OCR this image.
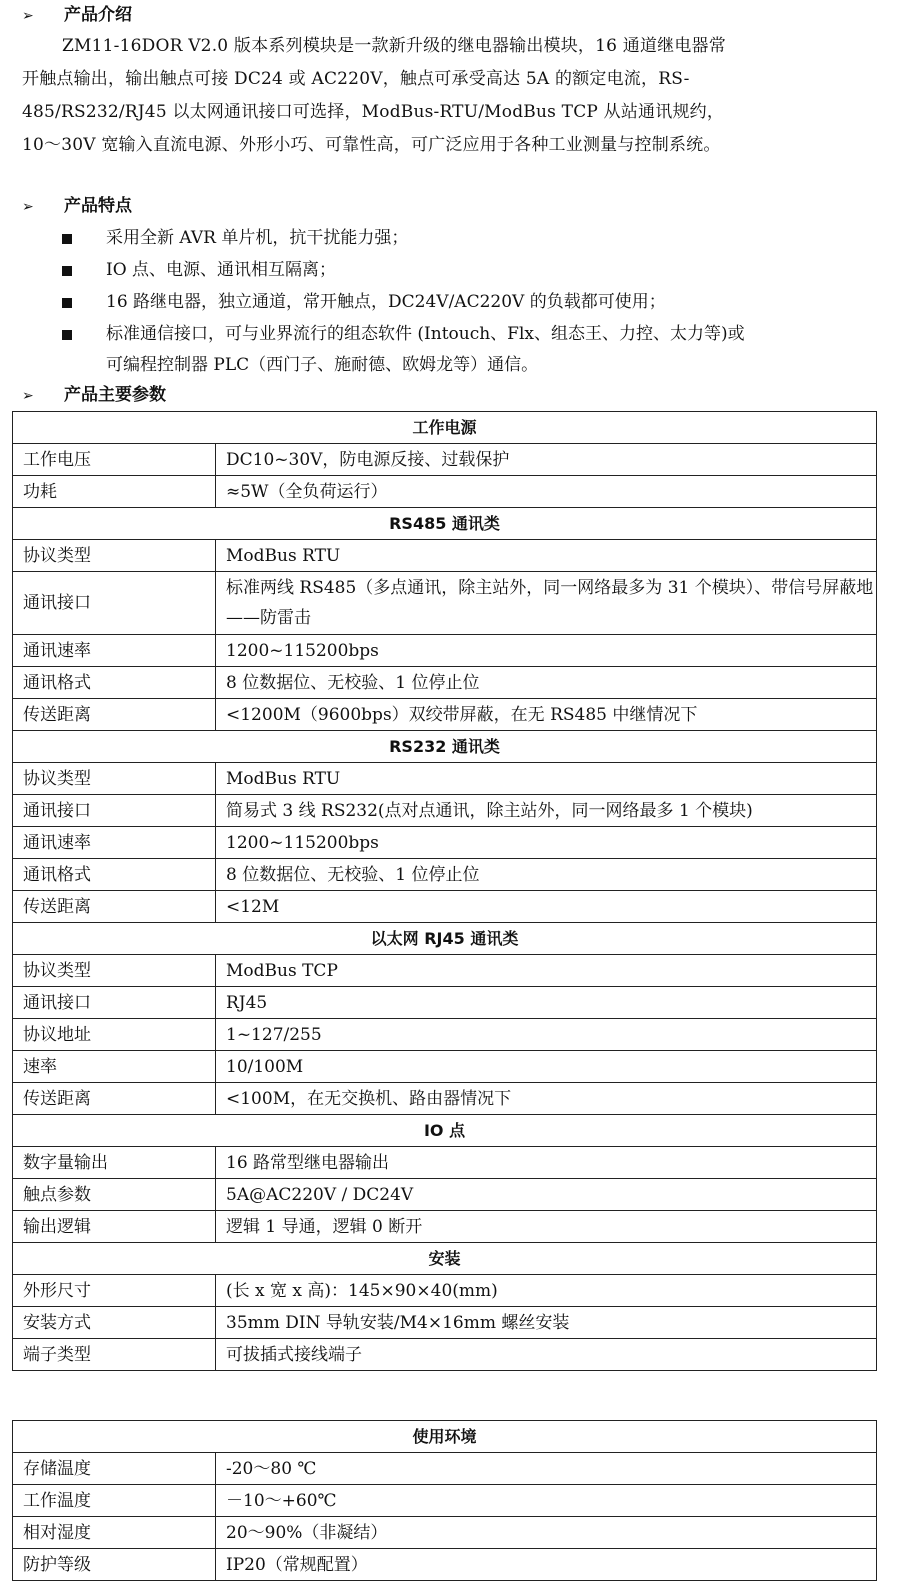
➢ 产品介绍
ZM11-16DOR V2.0 版本系列模块是一款新升级的继电器输出模块，16 通道继电器常
开触点输出，输出触点可接 DC24 或 AC220V，触点可承受高达 5A 的额定电流，RS-
485/RS232/RJ45 以太网通讯接口可选择，ModBus-RTU/ModBus TCP 从站通讯规约，
10～30V 宽输入直流电源、外形小巧、可靠性高，可广泛应用于各种工业测量与控制系统。
➢ 产品特点
采用全新 AVR 单片机，抗干扰能力强；
IO 点、电源、通讯相互隔离；
16 路继电器，独立通道，常开触点，DC24V/AC220V 的负载都可使用；
标准通信接口，可与业界流行的组态软件 (Intouch、Flx、组态王、力控、太力等)或
可编程控制器 PLC（西门子、施耐德、欧姆龙等）通信。
➢ 产品主要参数
工作电源	
工作电压	DC10~30V，防电源反接、过载保护
功耗	≈5W（全负荷运行）
RS485 通讯类	
协议类型	ModBus RTU
通讯接口	标准两线 RS485（多点通讯，除主站外，同一网络最多为 31 个模块）、带信号屏蔽地——防雷击
通讯速率	1200~115200bps
通讯格式	8 位数据位、无校验、1 位停止位
传送距离	<1200M（9600bps）双绞带屏蔽，在无 RS485 中继情况下
RS232 通讯类	
协议类型	ModBus RTU
通讯接口	简易式 3 线 RS232(点对点通讯，除主站外，同一网络最多 1 个模块)
通讯速率	1200~115200bps
通讯格式	8 位数据位、无校验、1 位停止位
传送距离	<12M
以太网 RJ45 通讯类	
协议类型	ModBus TCP
通讯接口	RJ45
协议地址	1~127/255
速率	10/100M
传送距离	<100M，在无交换机、路由器情况下
IO 点	
数字量输出	16 路常型继电器输出
触点参数	5A@AC220V / DC24V
输出逻辑	逻辑 1 导通，逻辑 0 断开
安装	
外形尺寸	(长 x 宽 x 高)：145×90×40(mm)
安装方式	35mm DIN 导轨安装/M4×16mm 螺丝安装
端子类型	可拔插式接线端子
使用环境	
存储温度	-20～80 ℃
工作温度	－10～+60℃
相对湿度	20～90%（非凝结）
防护等级	IP20（常规配置）
